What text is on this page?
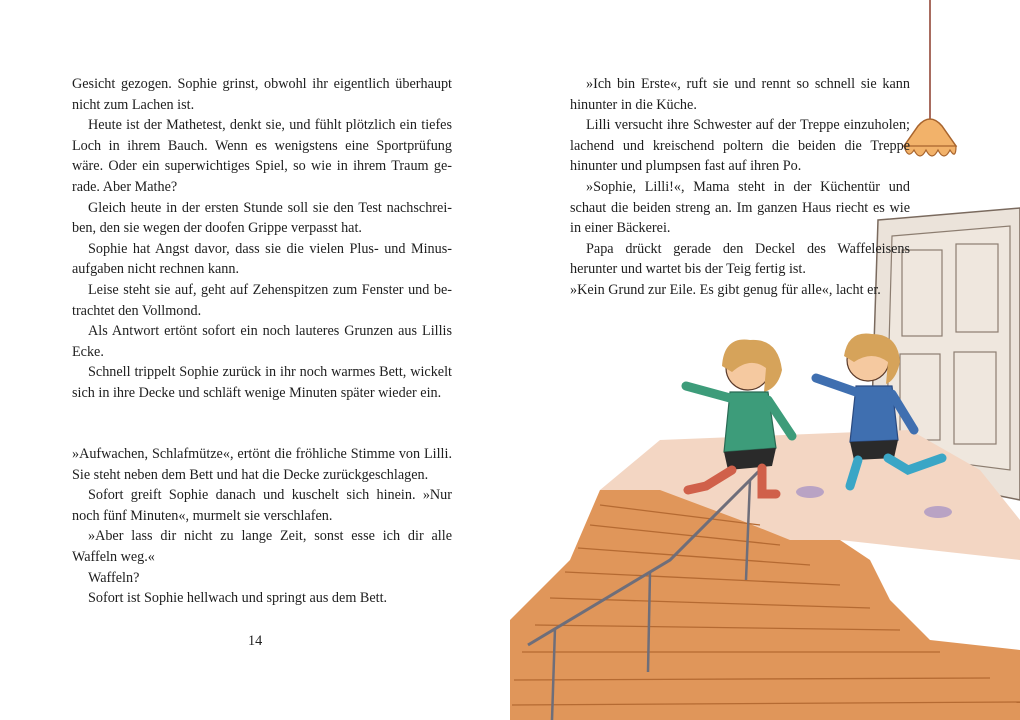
Gesicht gezogen. Sophie grinst, obwohl ihr eigentlich überhaupt nicht zum Lachen ist.

Heute ist der Mathetest, denkt sie, und fühlt plötzlich ein tiefes Loch in ihrem Bauch. Wenn es wenigstens eine Sportprüfung wäre. Oder ein superwichtiges Spiel, so wie in ihrem Traum gerade. Aber Mathe?

Gleich heute in der ersten Stunde soll sie den Test nachschreiben, den sie wegen der doofen Grippe verpasst hat.

Sophie hat Angst davor, dass sie die vielen Plus- und Minusaufgaben nicht rechnen kann.

Leise steht sie auf, geht auf Zehenspitzen zum Fenster und betrachtet den Vollmond.

Als Antwort ertönt sofort ein noch lauteres Grunzen aus Lillis Ecke.

Schnell trippelt Sophie zurück in ihr noch warmes Bett, wickelt sich in ihre Decke und schläft wenige Minuten später wieder ein.

»Aufwachen, Schlafmütze«, ertönt die fröhliche Stimme von Lilli. Sie steht neben dem Bett und hat die Decke zurückgeschlagen.

Sofort greift Sophie danach und kuschelt sich hinein. »Nur noch fünf Minuten«, murmelt sie verschlafen.

»Aber lass dir nicht zu lange Zeit, sonst esse ich dir alle Waffeln weg.«

Waffeln?

Sofort ist Sophie hellwach und springt aus dem Bett.

14

»Ich bin Erste«, ruft sie und rennt so schnell sie kann hinunter in die Küche.

Lilli versucht ihre Schwester auf der Treppe einzuholen; lachend und kreischend poltern die beiden die Treppe hinunter und plumpsen fast auf ihren Po.

»Sophie, Lilli!«, Mama steht in der Küchentür und schaut die beiden streng an. Im ganzen Haus riecht es wie in einer Bäckerei.

Papa drückt gerade den Deckel des Waffeleisens herunter und wartet bis der Teig fertig ist.

»Kein Grund zur Eile. Es gibt genug für alle«, lacht er.
